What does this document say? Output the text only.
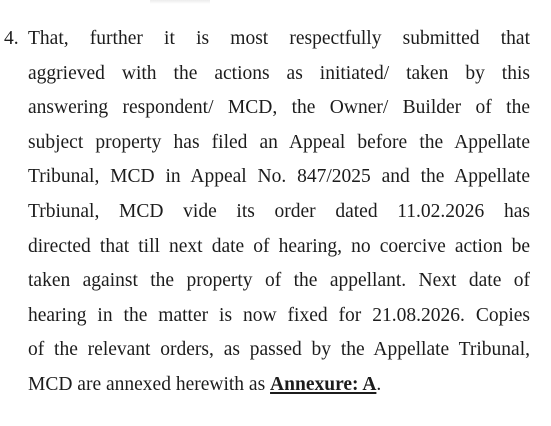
4. That, further it is most respectfully submitted that
aggrieved with the actions as initiated/ taken by this
answering respondent/ MCD, the Owner/ Builder of the
subject property has filed an Appeal before the Appellate
Tribunal, MCD in Appeal No. 847/2025 and the Appellate
Trbiunal, MCD vide its order dated 11.02.2026 has
directed that till next date of hearing, no coercive action be
taken against the property of the appellant. Next date of
hearing in the matter is now fixed for 21.08.2026. Copies
of the relevant orders, as passed by the Appellate Tribunal,
MCD are annexed herewith as Annexure: A.
